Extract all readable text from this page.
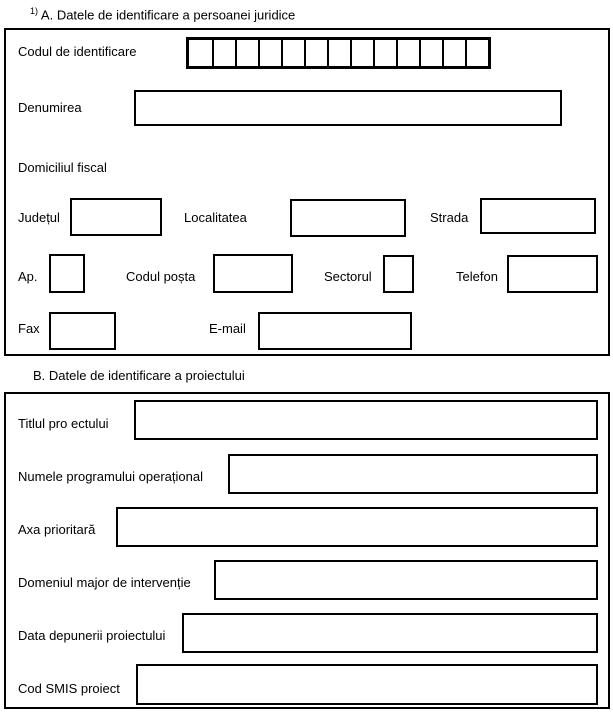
$^{1)}$ A. Datele de identificare a persoanei juridice
Codul de identificare
Denumirea
Domiciliul fiscal
Județul	Localitatea	Strada
Ap.	Codul poșta	Sectorul	Telefon
Fax	E-mail
B. Datele de identificare a proiectului
Titlul pro ectului
Numele programului operațional
Axa prioritară
Domeniul major de intervenție
Data depunerii proiectului
Cod SMIS proiect
